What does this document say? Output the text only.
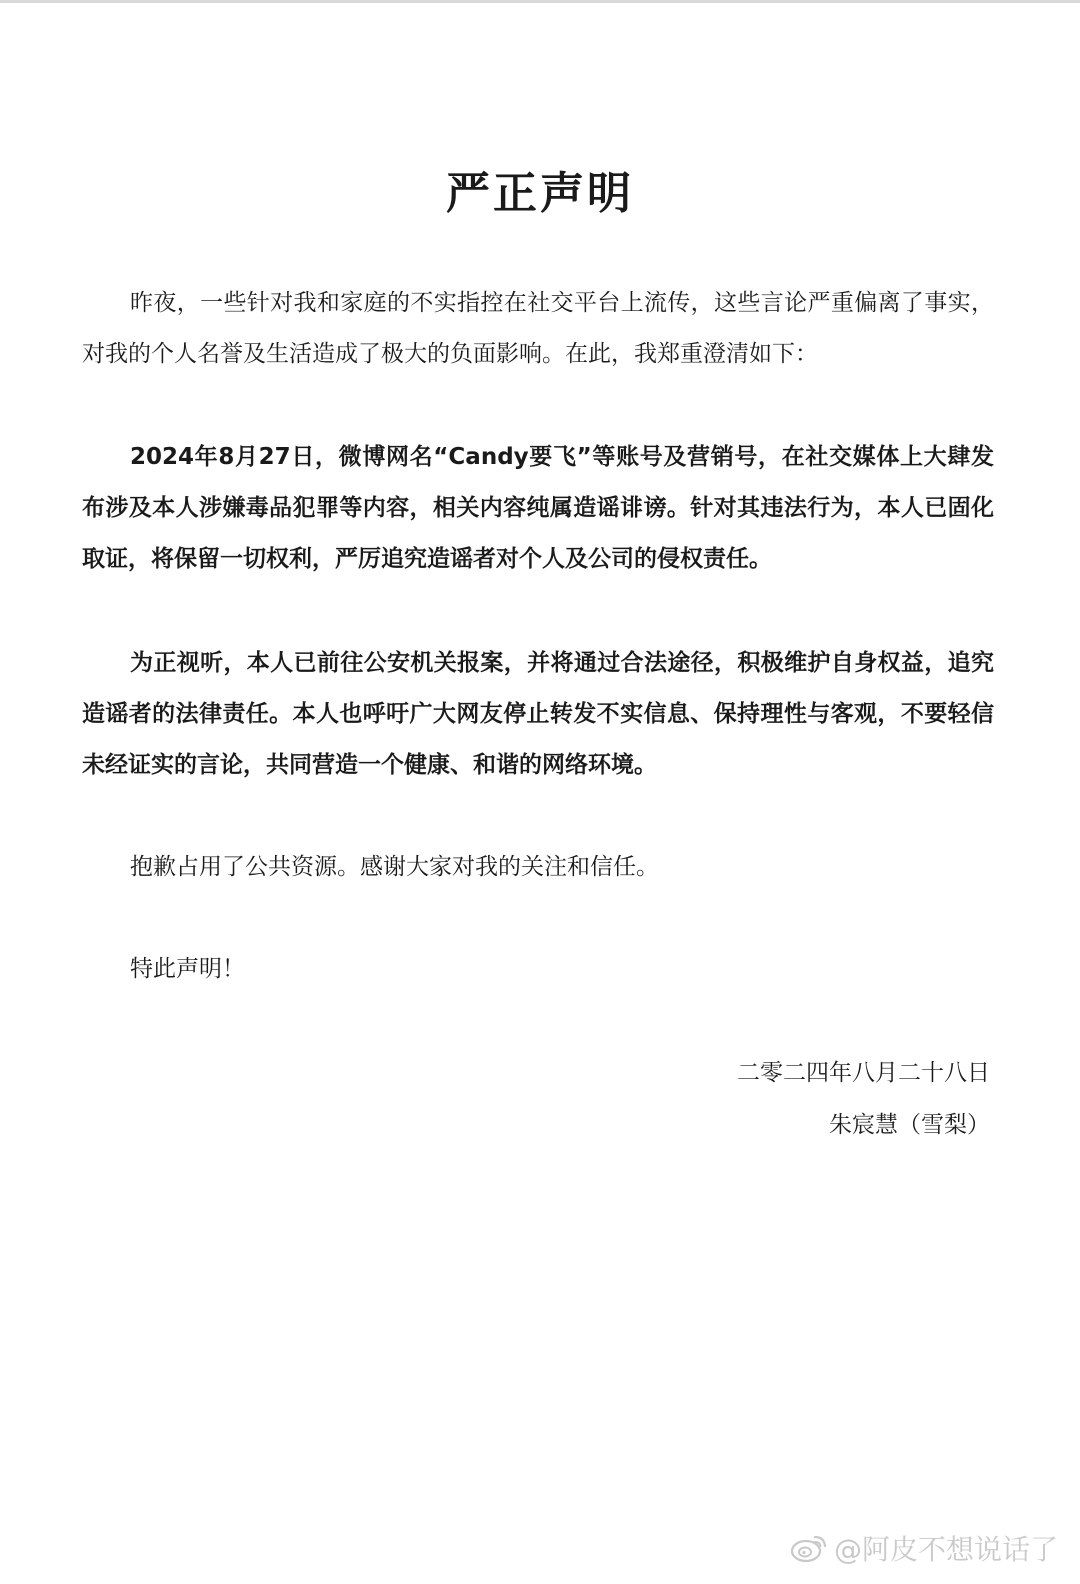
严正声明

昨夜，一些针对我和家庭的不实指控在社交平台上流传，这些言论严重偏离了事实，对我的个人名誉及生活造成了极大的负面影响。在此，我郑重澄清如下：

2024年8月27日，微博网名“Candy要飞”等账号及营销号，在社交媒体上大肆发布涉及本人涉嫌毒品犯罪等内容，相关内容纯属造谣诽谤。针对其违法行为，本人已固化取证，将保留一切权利，严厉追究造谣者对个人及公司的侵权责任。

为正视听，本人已前往公安机关报案，并将通过合法途径，积极维护自身权益，追究造谣者的法律责任。本人也呼吁广大网友停止转发不实信息、保持理性与客观，不要轻信未经证实的言论，共同营造一个健康、和谐的网络环境。

抱歉占用了公共资源。感谢大家对我的关注和信任。

特此声明！

二零二四年八月二十八日
朱宸慧（雪梨）
@阿皮不想说话了
